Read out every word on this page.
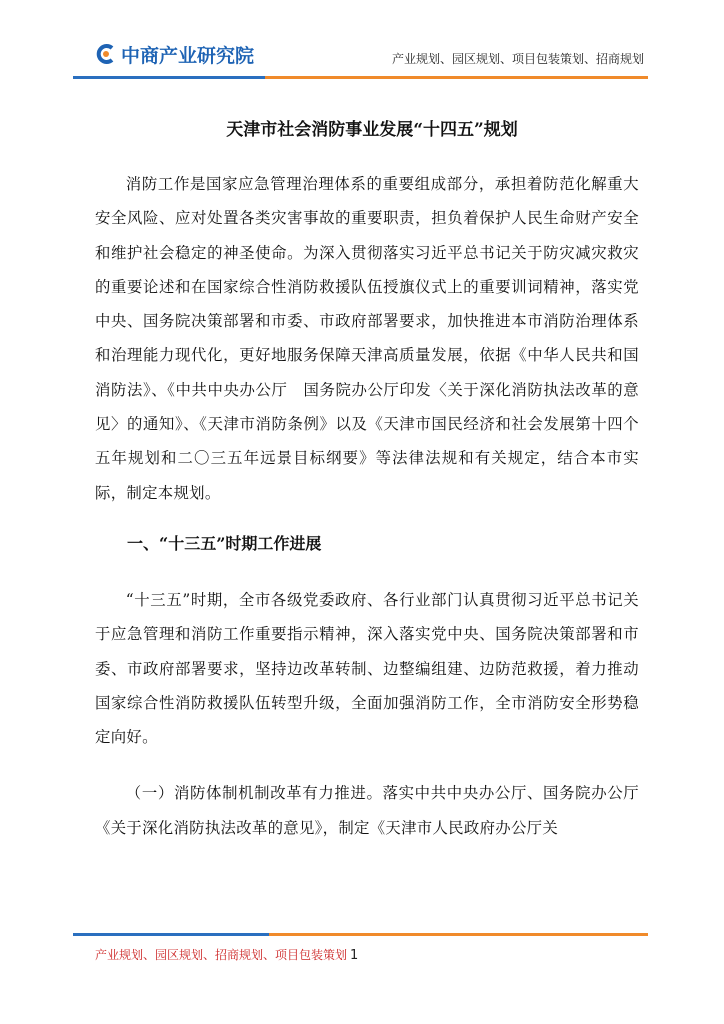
中商产业研究院	产业规划、园区规划、项目包装策划、招商规划
天津市社会消防事业发展“十四五”规划

消防工作是国家应急管理治理体系的重要组成部分，承担着防范化解重大安全风险、应对处置各类灾害事故的重要职责，担负着保护人民生命财产安全和维护社会稳定的神圣使命。为深入贯彻落实习近平总书记关于防灾减灾救灾的重要论述和在国家综合性消防救援队伍授旗仪式上的重要训词精神，落实党中央、国务院决策部署和市委、市政府部署要求，加快推进本市消防治理体系和治理能力现代化，更好地服务保障天津高质量发展，依据《中华人民共和国消防法》、《中共中央办公厅　国务院办公厅印发〈关于深化消防执法改革的意见〉的通知》、《天津市消防条例》以及《天津市国民经济和社会发展第十四个五年规划和二〇三五年远景目标纲要》等法律法规和有关规定，结合本市实际，制定本规划。

一、“十三五”时期工作进展

“十三五”时期，全市各级党委政府、各行业部门认真贯彻习近平总书记关于应急管理和消防工作重要指示精神，深入落实党中央、国务院决策部署和市委、市政府部署要求，坚持边改革转制、边整编组建、边防范救援，着力推动国家综合性消防救援队伍转型升级，全面加强消防工作，全市消防安全形势稳定向好。

（一）消防体制机制改革有力推进。落实中共中央办公厅、国务院办公厅《关于深化消防执法改革的意见》，制定《天津市人民政府办公厅关

产业规划、园区规划、招商规划、项目包装策划 1
